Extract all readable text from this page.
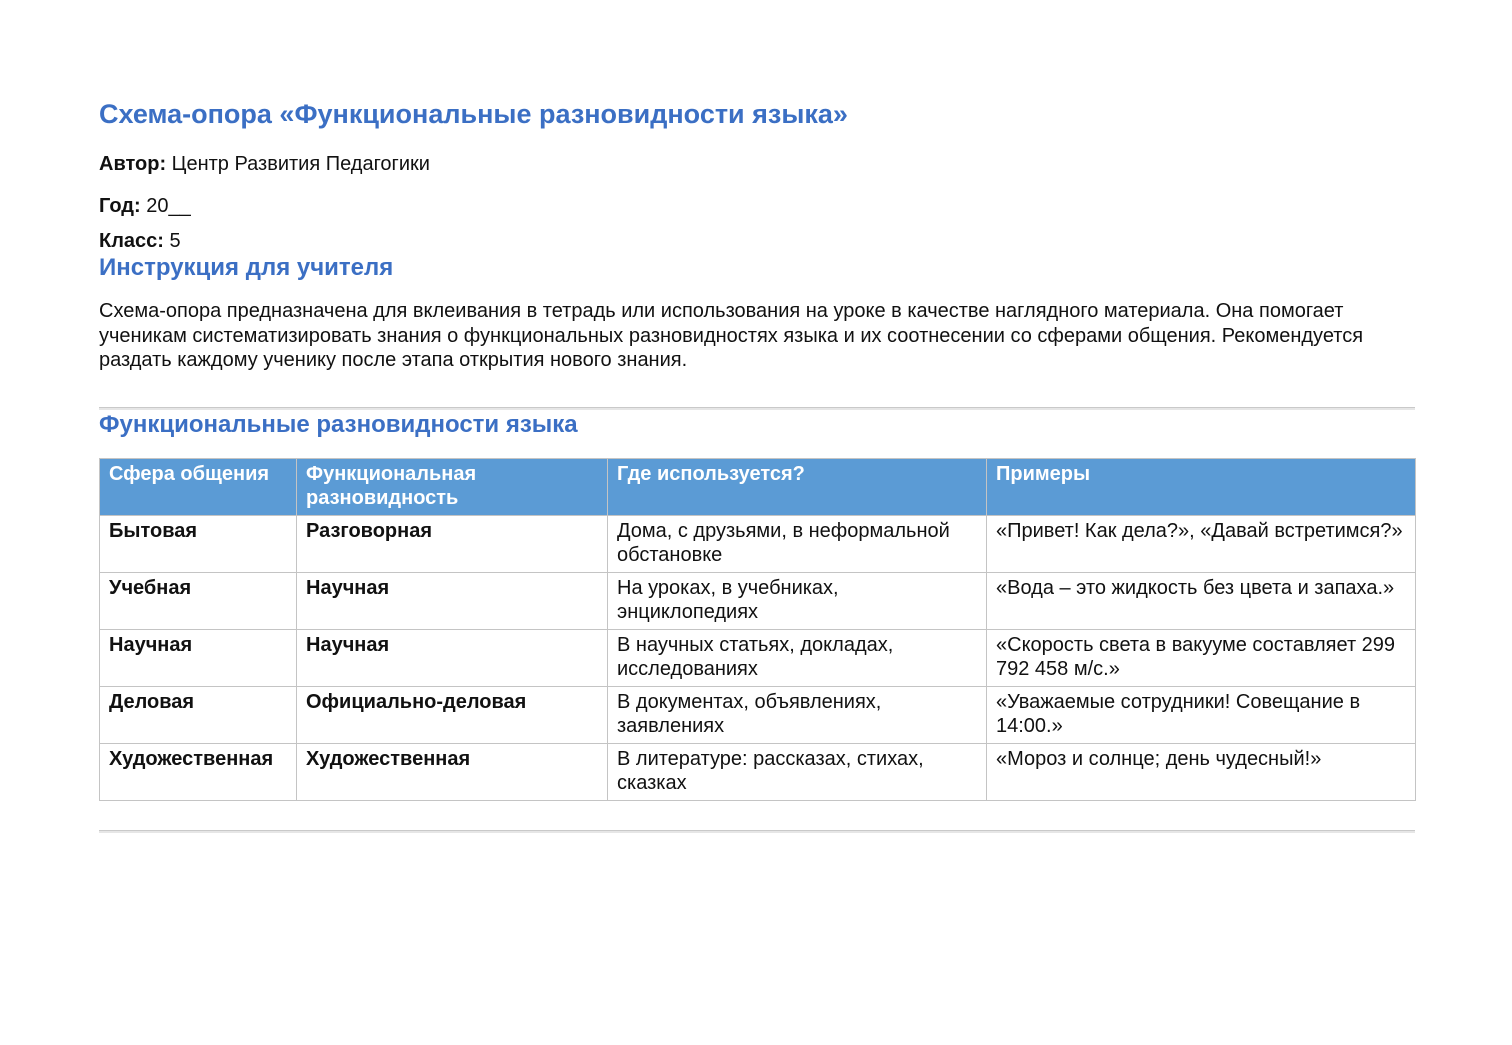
Схема-опора «Функциональные разновидности языка»
Автор: Центр Развития Педагогики
Год: 20__
Класс: 5
Инструкция для учителя
Схема-опора предназначена для вклеивания в тетрадь или использования на уроке в качестве наглядного материала. Она помогает ученикам систематизировать знания о функциональных разновидностях языка и их соотнесении со сферами общения. Рекомендуется раздать каждому ученику после этапа открытия нового знания.
Функциональные разновидности языка
Сфера общения	Функциональная разновидность	Где используется?	Примеры
Бытовая	Разговорная	Дома, с друзьями, в неформальной обстановке	«Привет! Как дела?», «Давай встретимся?»
Учебная	Научная	На уроках, в учебниках, энциклопедиях	«Вода – это жидкость без цвета и запаха.»
Научная	Научная	В научных статьях, докладах, исследованиях	«Скорость света в вакууме составляет 299 792 458 м/с.»
Деловая	Официально-деловая	В документах, объявлениях, заявлениях	«Уважаемые сотрудники! Совещание в 14:00.»
Художественная	Художественная	В литературе: рассказах, стихах, сказках	«Мороз и солнце; день чудесный!»
